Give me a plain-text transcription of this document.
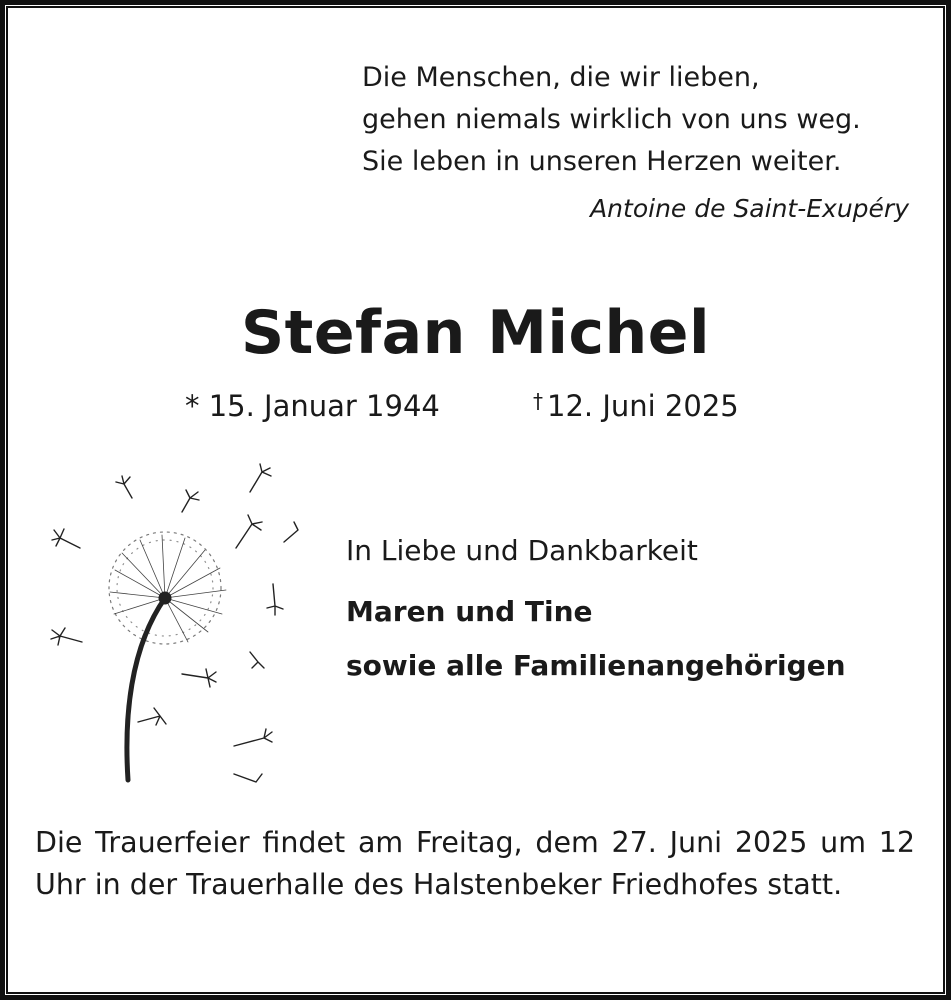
Die Menschen, die wir lieben,
gehen niemals wirklich von uns weg.
Sie leben in unseren Herzen weiter.
Antoine de Saint-Exupéry
Stefan Michel
* 15. Januar 1944	† 12. Juni 2025
In Liebe und Dankbarkeit
Maren und Tine
sowie alle Familienangehörigen
Die Trauerfeier findet am Freitag, dem 27. Juni 2025 um 12 Uhr in der Trauerhalle des Halstenbeker Friedhofes statt.
